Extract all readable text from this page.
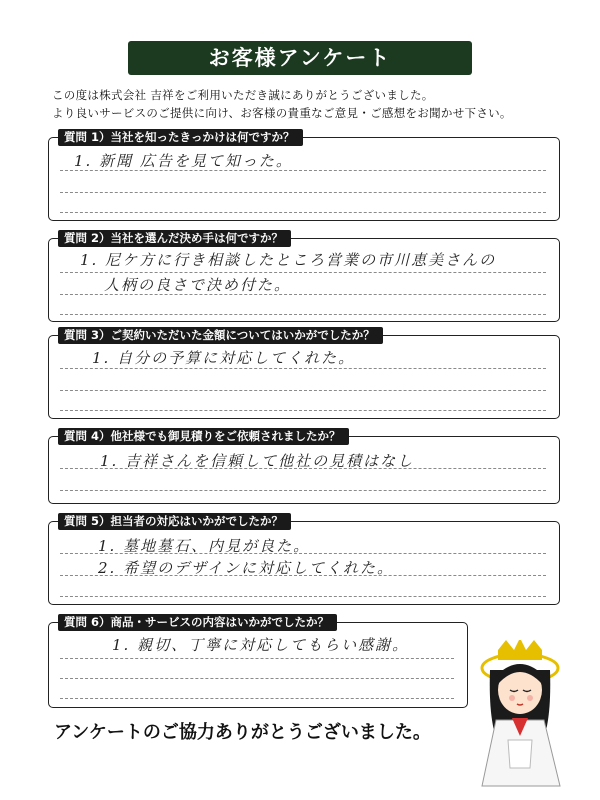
お客様アンケート
この度は株式会社 吉祥をご利用いただき誠にありがとうございました。
より良いサービスのご提供に向け、お客様の貴重なご意見・ご感想をお聞かせ下さい。
質問 1）当社を知ったきっかけは何ですか？
1. 新聞 広告を見て知った。
質問 2）当社を選んだ決め手は何ですか？
1. 尼ケ方に行き相談したところ営業の市川恵美さんの
人柄の良さで決め付た。
質問 3）ご契約いただいた金額についてはいかがでしたか？
1. 自分の予算に対応してくれた。
質問 4）他社様でも御見積りをご依頼されましたか？
1. 吉祥さんを信頼して他社の見積はなし
質問 5）担当者の対応はいかがでしたか？
1. 墓地墓石、内見が良た。
2. 希望のデザインに対応してくれた。
質問 6）商品・サービスの内容はいかがでしたか？
1. 親切、丁寧に対応してもらい感謝。
アンケートのご協力ありがとうございました。
